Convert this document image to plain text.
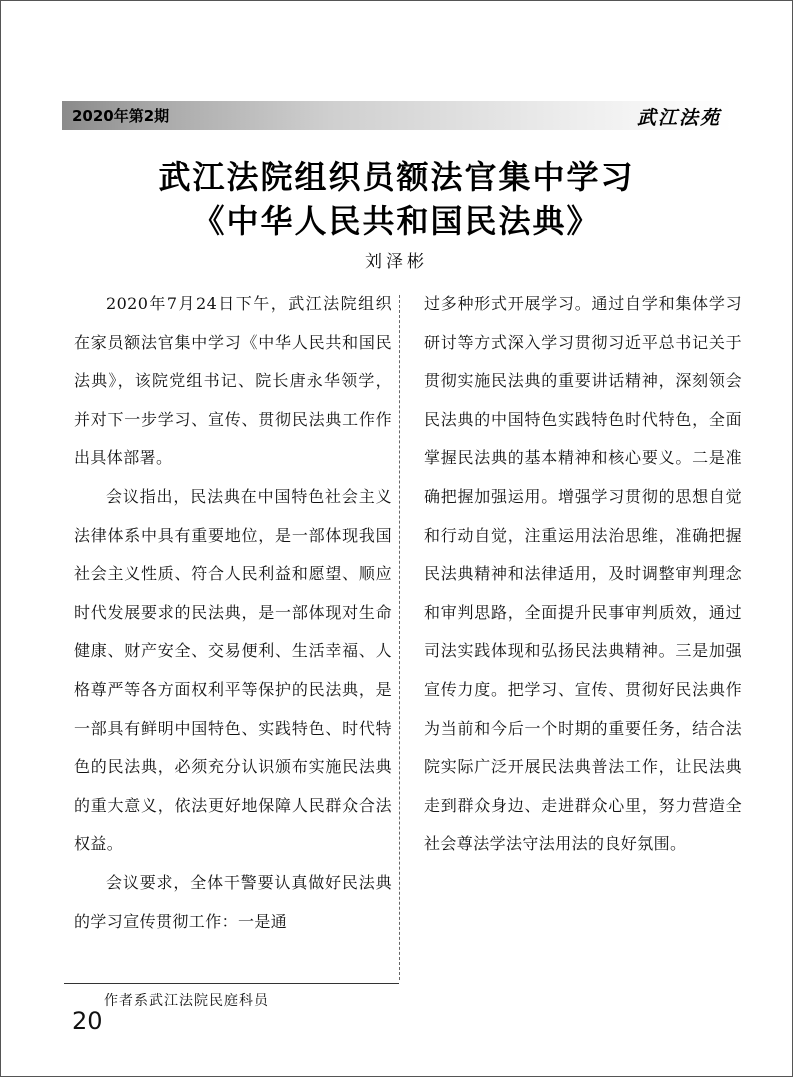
2020年第2期	武江法苑
武江法院组织员额法官集中学习
《中华人民共和国民法典》
刘泽彬

2020年7月24日下午，武江法院组织在家员额法官集中学习《中华人民共和国民法典》，该院党组书记、院长唐永华领学，并对下一步学习、宣传、贯彻民法典工作作出具体部署。

会议指出，民法典在中国特色社会主义法律体系中具有重要地位，是一部体现我国社会主义性质、符合人民利益和愿望、顺应时代发展要求的民法典，是一部体现对生命健康、财产安全、交易便利、生活幸福、人格尊严等各方面权利平等保护的民法典，是一部具有鲜明中国特色、实践特色、时代特色的民法典，必须充分认识颁布实施民法典的重大意义，依法更好地保障人民群众合法权益。

会议要求，全体干警要认真做好民法典的学习宣传贯彻工作：一是通

过多种形式开展学习。通过自学和集体学习研讨等方式深入学习贯彻习近平总书记关于贯彻实施民法典的重要讲话精神，深刻领会民法典的中国特色实践特色时代特色，全面掌握民法典的基本精神和核心要义。二是准确把握加强运用。增强学习贯彻的思想自觉和行动自觉，注重运用法治思维，准确把握民法典精神和法律适用，及时调整审判理念和审判思路，全面提升民事审判质效，通过司法实践体现和弘扬民法典精神。三是加强宣传力度。把学习、宣传、贯彻好民法典作为当前和今后一个时期的重要任务，结合法院实际广泛开展民法典普法工作，让民法典走到群众身边、走进群众心里，努力营造全社会尊法学法守法用法的良好氛围。

作者系武江法院民庭科员
20
